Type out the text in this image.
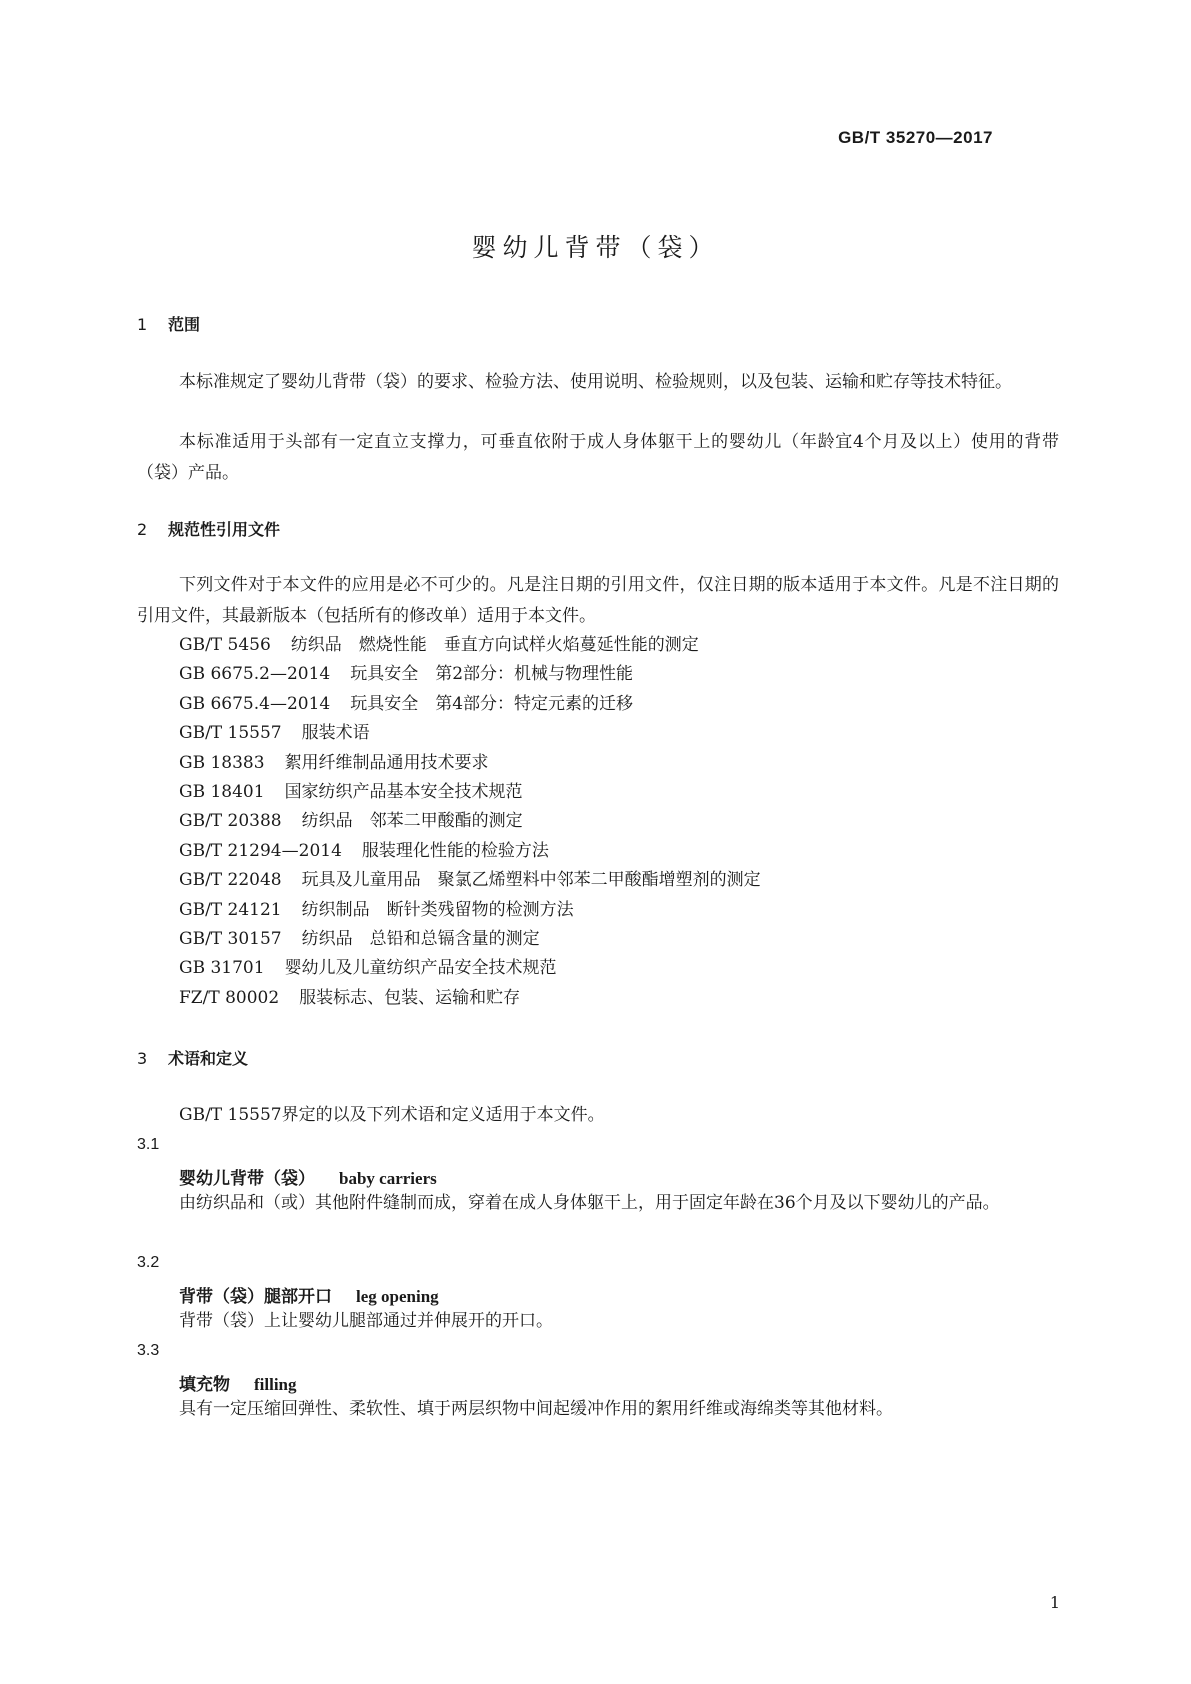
GB/T 35270—2017
婴幼儿背带（袋）
1 范围
本标准规定了婴幼儿背带（袋）的要求、检验方法、使用说明、检验规则，以及包装、运输和贮存等技术特征。
本标准适用于头部有一定直立支撑力，可垂直依附于成人身体躯干上的婴幼儿（年龄宜4个月及以上）使用的背带（袋）产品。
2 规范性引用文件
下列文件对于本文件的应用是必不可少的。凡是注日期的引用文件，仅注日期的版本适用于本文件。凡是不注日期的引用文件，其最新版本（包括所有的修改单）适用于本文件。
GB/T 5456 纺织品　燃烧性能　垂直方向试样火焰蔓延性能的测定
GB 6675.2—2014 玩具安全　第2部分：机械与物理性能
GB 6675.4—2014 玩具安全　第4部分：特定元素的迁移
GB/T 15557 服装术语
GB 18383 絮用纤维制品通用技术要求
GB 18401 国家纺织产品基本安全技术规范
GB/T 20388 纺织品　邻苯二甲酸酯的测定
GB/T 21294—2014 服装理化性能的检验方法
GB/T 22048 玩具及儿童用品　聚氯乙烯塑料中邻苯二甲酸酯增塑剂的测定
GB/T 24121 纺织制品　断针类残留物的检测方法
GB/T 30157 纺织品　总铅和总镉含量的测定
GB 31701 婴幼儿及儿童纺织产品安全技术规范
FZ/T 80002 服装标志、包装、运输和贮存
3 术语和定义
GB/T 15557界定的以及下列术语和定义适用于本文件。
3.1
婴幼儿背带（袋） baby carriers
由纺织品和（或）其他附件缝制而成，穿着在成人身体躯干上，用于固定年龄在36个月及以下婴幼儿的产品。
3.2
背带（袋）腿部开口 leg opening
背带（袋）上让婴幼儿腿部通过并伸展开的开口。
3.3
填充物 filling
具有一定压缩回弹性、柔软性、填于两层织物中间起缓冲作用的絮用纤维或海绵类等其他材料。
1
